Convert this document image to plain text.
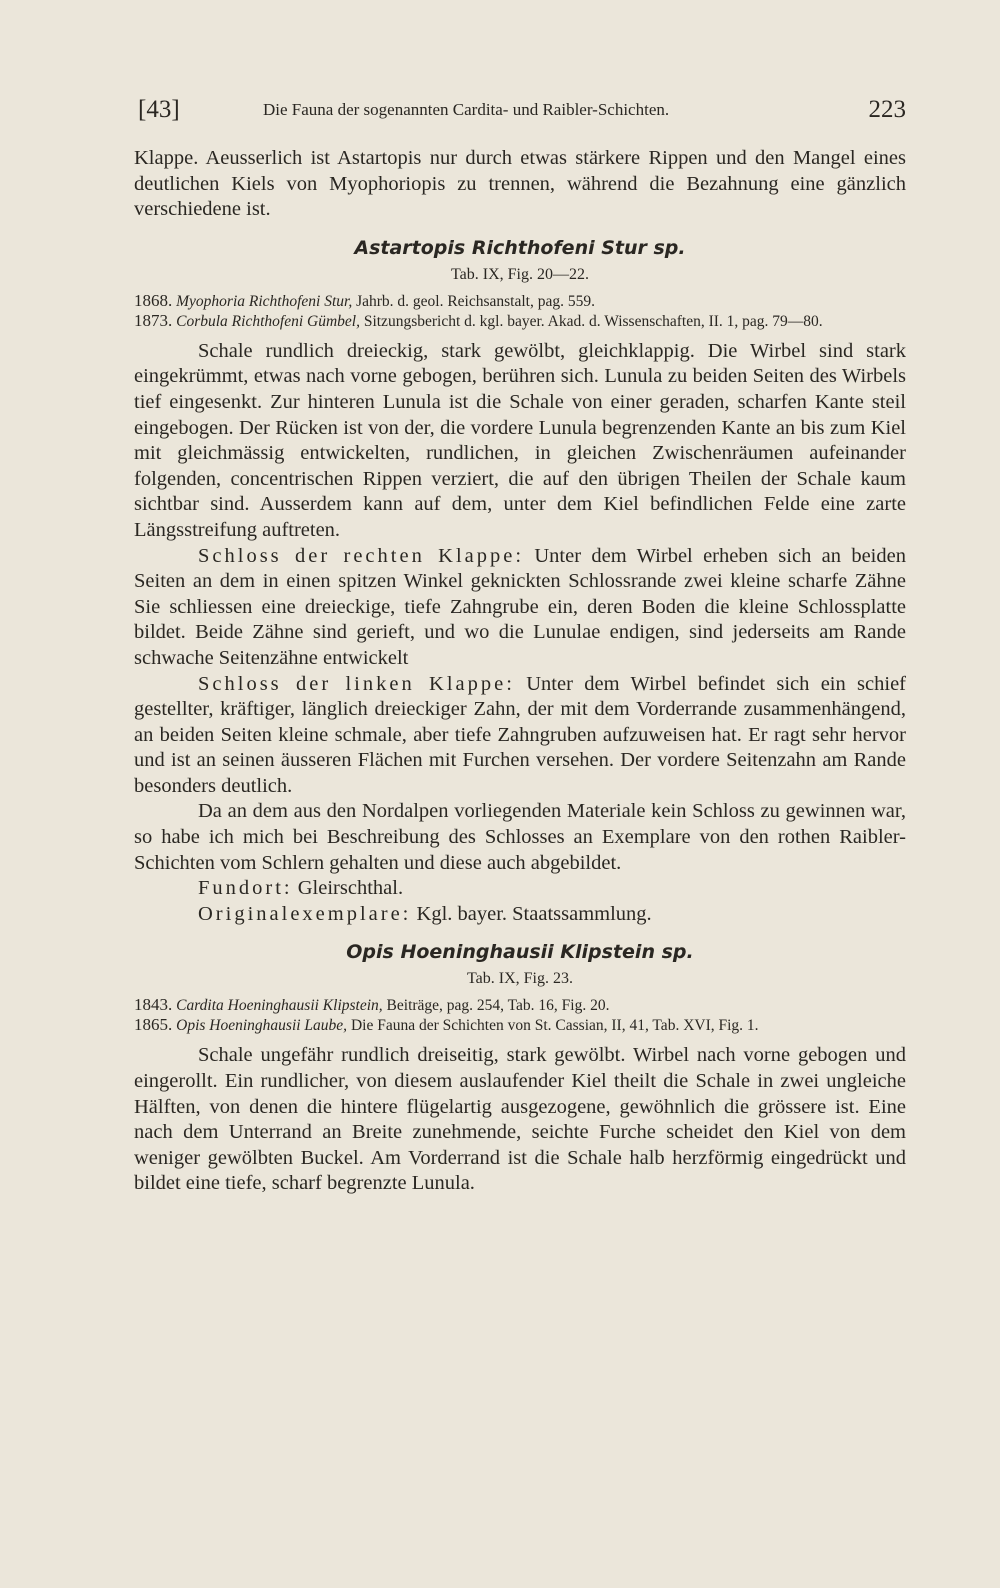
[43]	Die Fauna der sogenannten Cardita- und Raibler-Schichten.	223

Klappe. Aeusserlich ist Astartopis nur durch etwas stärkere Rippen und den Mangel eines deutlichen Kiels von Myophoriopis zu trennen, während die Bezahnung eine gänzlich verschiedene ist.

Astartopis Richthofeni Stur sp.
Tab. IX, Fig. 20—22.
1868. Myophoria Richthofeni Stur, Jahrb. d. geol. Reichsanstalt, pag. 559.
1873. Corbula Richthofeni Gümbel, Sitzungsbericht d. kgl. bayer. Akad. d. Wissenschaften, II. 1, pag. 79—80.

Schale rundlich dreieckig, stark gewölbt, gleichklappig. Die Wirbel sind stark eingekrümmt, etwas nach vorne gebogen, berühren sich. Lunula zu beiden Seiten des Wirbels tief eingesenkt. Zur hinteren Lunula ist die Schale von einer geraden, scharfen Kante steil eingebogen. Der Rücken ist von der, die vordere Lunula begrenzenden Kante an bis zum Kiel mit gleichmässig entwickelten, rundlichen, in gleichen Zwischenräumen aufeinander folgenden, concentrischen Rippen verziert, die auf den übrigen Theilen der Schale kaum sichtbar sind. Ausserdem kann auf dem, unter dem Kiel befindlichen Felde eine zarte Längsstreifung auftreten.

Schloss der rechten Klappe: Unter dem Wirbel erheben sich an beiden Seiten an dem in einen spitzen Winkel geknickten Schlossrande zwei kleine scharfe Zähne Sie schliessen eine dreieckige, tiefe Zahngrube ein, deren Boden die kleine Schlossplatte bildet. Beide Zähne sind gerieft, und wo die Lunulae endigen, sind jederseits am Rande schwache Seitenzähne entwickelt

Schloss der linken Klappe: Unter dem Wirbel befindet sich ein schief gestellter, kräftiger, länglich dreieckiger Zahn, der mit dem Vorderrande zusammenhängend, an beiden Seiten kleine schmale, aber tiefe Zahngruben aufzuweisen hat. Er ragt sehr hervor und ist an seinen äusseren Flächen mit Furchen versehen. Der vordere Seitenzahn am Rande besonders deutlich.

Da an dem aus den Nordalpen vorliegenden Materiale kein Schloss zu gewinnen war, so habe ich mich bei Beschreibung des Schlosses an Exemplare von den rothen Raibler-Schichten vom Schlern gehalten und diese auch abgebildet.

Fundort: Gleirschthal.

Originalexemplare: Kgl. bayer. Staatssammlung.

Opis Hoeninghausii Klipstein sp.
Tab. IX, Fig. 23.
1843. Cardita Hoeninghausii Klipstein, Beiträge, pag. 254, Tab. 16, Fig. 20.
1865. Opis Hoeninghausii Laube, Die Fauna der Schichten von St. Cassian, II, 41, Tab. XVI, Fig. 1.

Schale ungefähr rundlich dreiseitig, stark gewölbt. Wirbel nach vorne gebogen und eingerollt. Ein rundlicher, von diesem auslaufender Kiel theilt die Schale in zwei ungleiche Hälften, von denen die hintere flügelartig ausgezogene, gewöhnlich die grössere ist. Eine nach dem Unterrand an Breite zunehmende, seichte Furche scheidet den Kiel von dem weniger gewölbten Buckel. Am Vorderrand ist die Schale halb herzförmig eingedrückt und bildet eine tiefe, scharf begrenzte Lunula.
